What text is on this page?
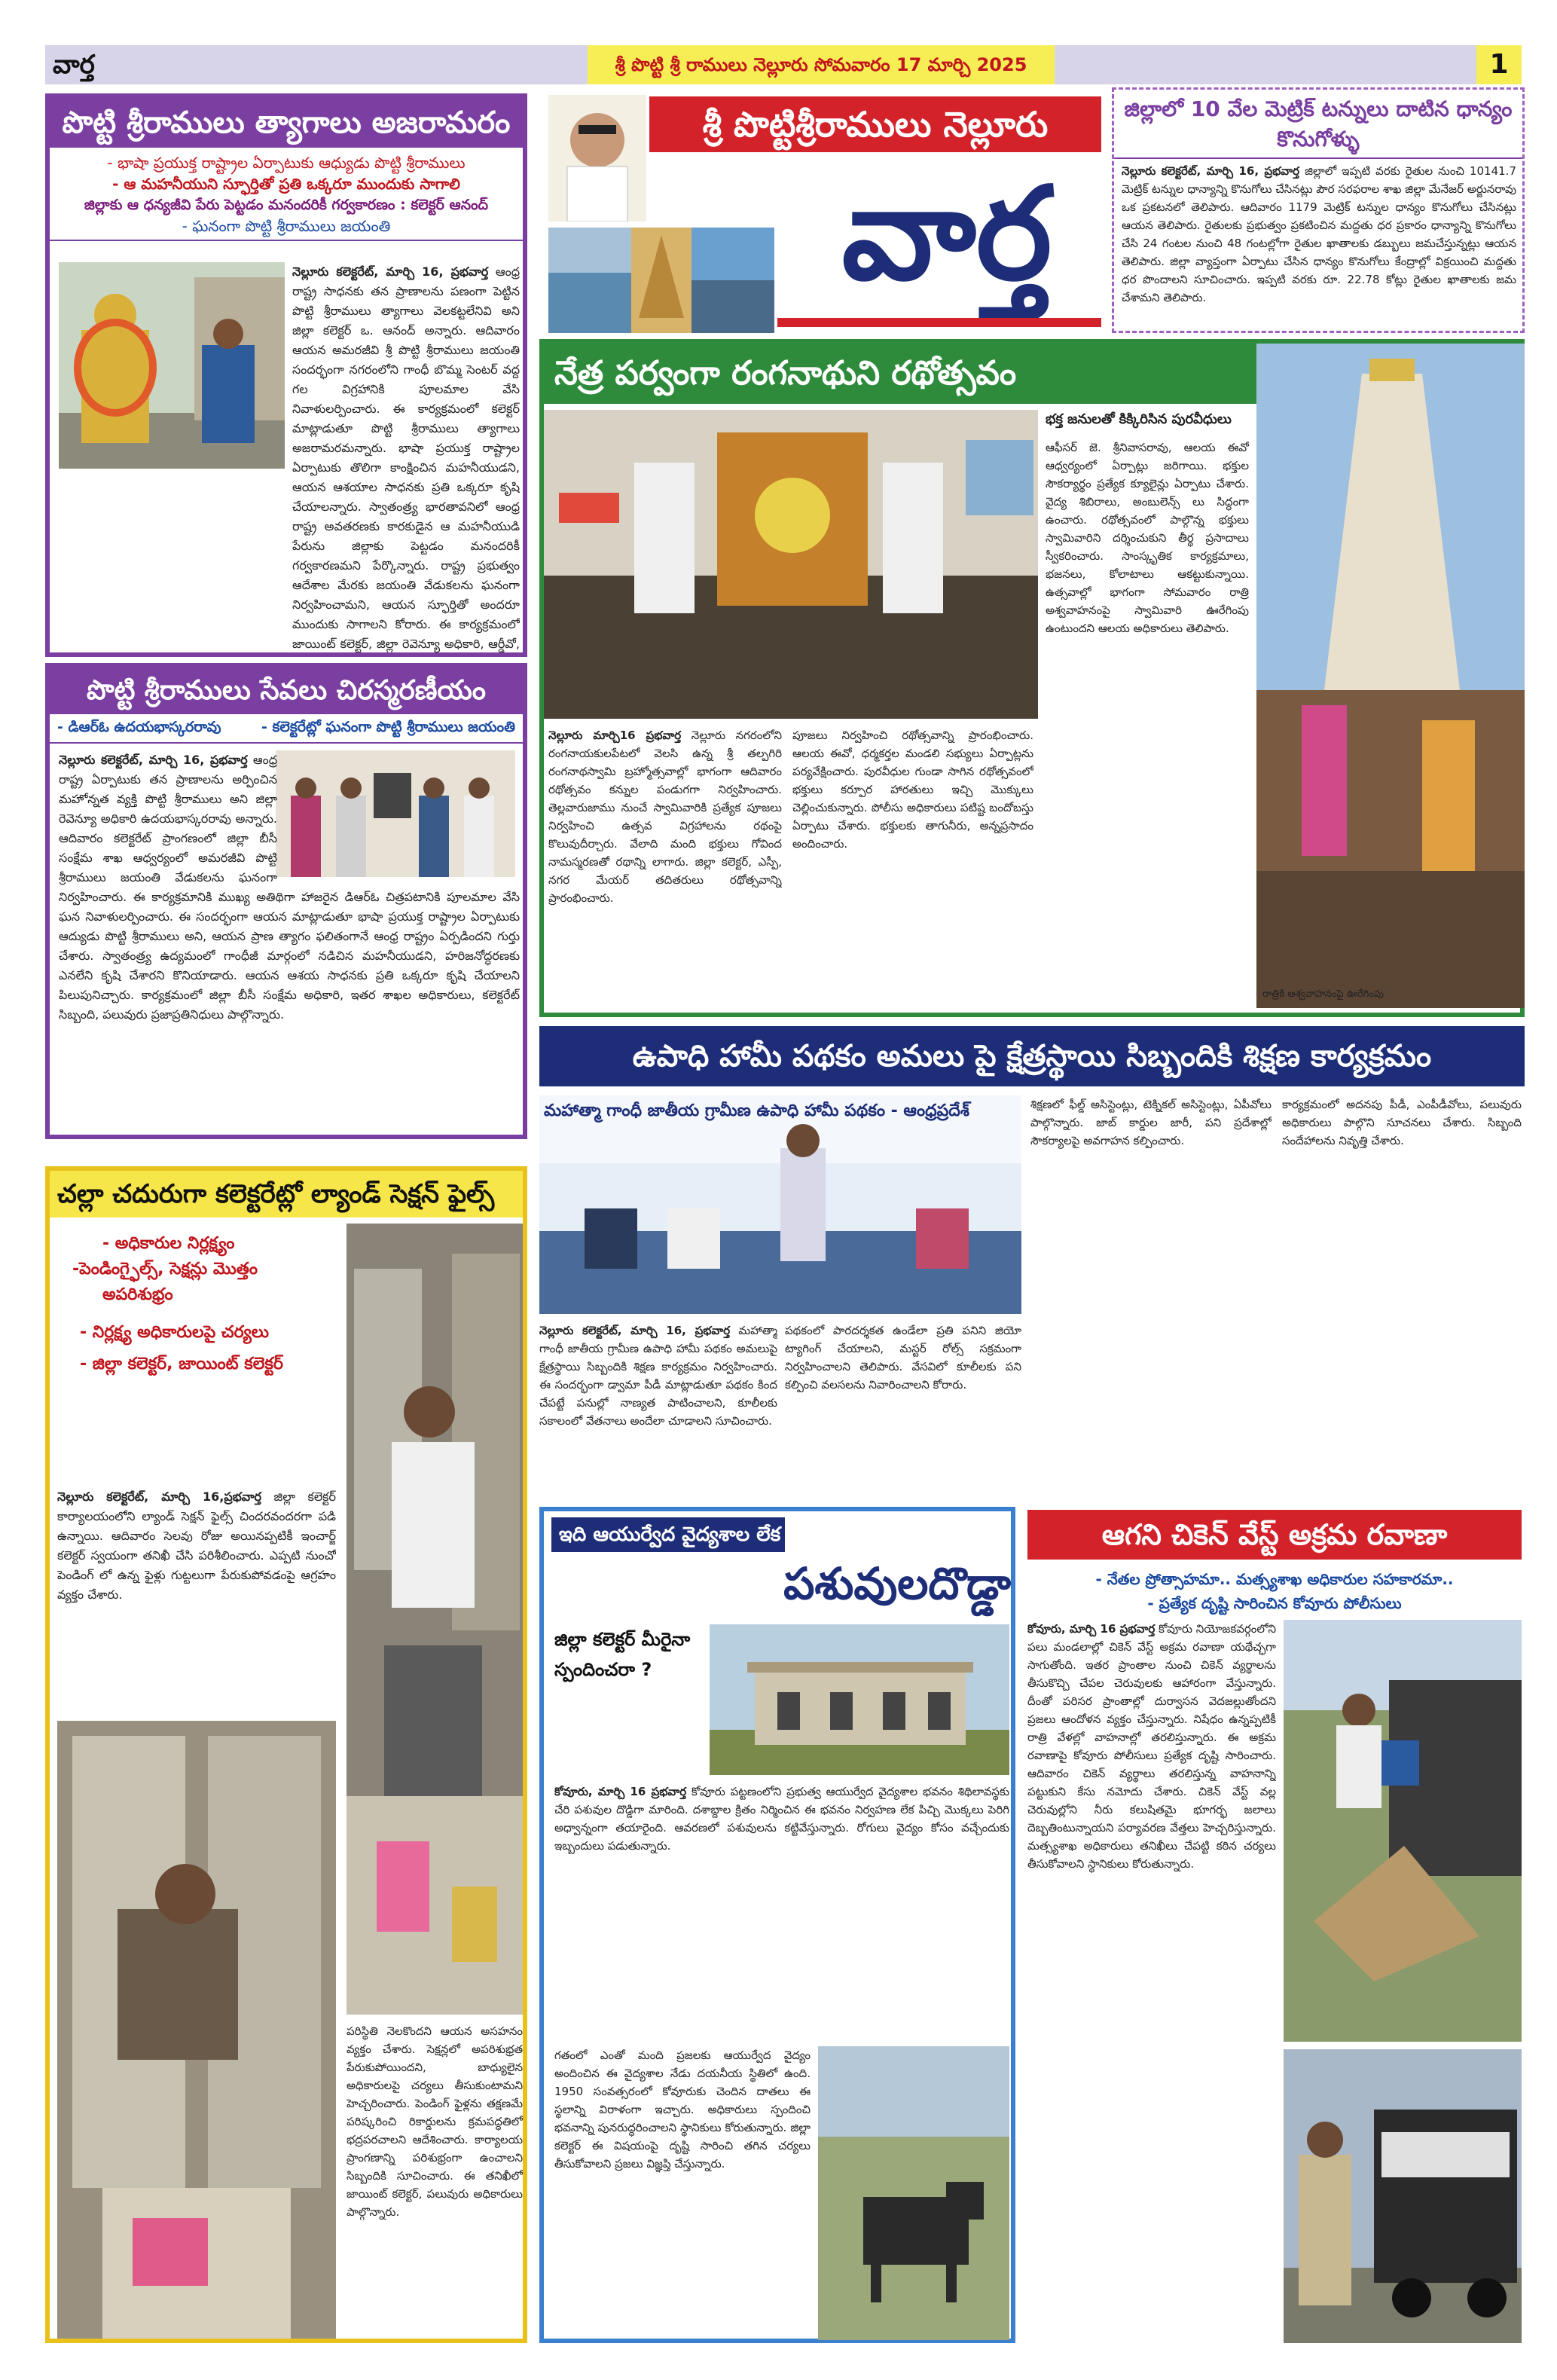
వార్త	శ్రీ పొట్టి శ్రీ రాములు నెల్లూరు సోమవారం 17 మార్చి 2025	1
పొట్టి శ్రీరాములు త్యాగాలు అజరామరం
- భాషా ప్రయుక్త రాష్ట్రాల ఏర్పాటుకు ఆధ్యుడు పొట్టి శ్రీరాములు
- ఆ మహనీయుని స్ఫూర్తితో ప్రతి ఒక్కరూ ముందుకు సాగాలి
జిల్లాకు ఆ ధన్యజీవి పేరు పెట్టడం మనందరికీ గర్వకారణం : కలెక్టర్ ఆనంద్
- ఘనంగా పొట్టి శ్రీరాములు జయంతి
నెల్లూరు కలెక్టరేట్, మార్చి 16, ప్రభవార్త ఆంధ్ర రాష్ట్ర సాధనకు తన ప్రాణాలను పణంగా పెట్టిన పొట్టి శ్రీరాములు త్యాగాలు వెలకట్టలేనివి అని జిల్లా కలెక్టర్ ఒ. ఆనంద్ అన్నారు. ఆదివారం ఆయన అమరజీవి శ్రీ పొట్టి శ్రీరాములు జయంతి సందర్భంగా నగరంలోని గాంధీ బొమ్మ సెంటర్ వద్ద గల విగ్రహానికి పూలమాల వేసి నివాళులర్పించారు. ఈ కార్యక్రమంలో కలెక్టర్ మాట్లాడుతూ పొట్టి శ్రీరాములు త్యాగాలు అజరామరమన్నారు. భాషా ప్రయుక్త రాష్ట్రాల ఏర్పాటుకు తొలిగా కాంక్షించిన మహనీయుడని, ఆయన ఆశయాల సాధనకు ప్రతి ఒక్కరూ కృషి చేయాలన్నారు. స్వాతంత్ర్య భారతావనిలో ఆంధ్ర రాష్ట్ర అవతరణకు కారకుడైన ఆ మహనీయుడి పేరును జిల్లాకు పెట్టడం మనందరికీ గర్వకారణమని పేర్కొన్నారు. రాష్ట్ర ప్రభుత్వం ఆదేశాల మేరకు జయంతి వేడుకలను ఘనంగా నిర్వహించామని, ఆయన స్ఫూర్తితో అందరూ ముందుకు సాగాలని కోరారు. ఈ కార్యక్రమంలో జాయింట్ కలెక్టర్, జిల్లా రెవెన్యూ అధికారి, ఆర్డీవో,
పొట్టి శ్రీరాములు సేవలు చిరస్మరణీయం
- డిఆర్ఓ ఉదయభాస్కరరావు	- కలెక్టరేట్లో ఘనంగా పొట్టి శ్రీరాములు జయంతి
నెల్లూరు కలెక్టరేట్, మార్చి 16, ప్రభవార్త ఆంధ్ర రాష్ట్ర ఏర్పాటుకు తన ప్రాణాలను అర్పించిన మహోన్నత వ్యక్తి పొట్టి శ్రీరాములు అని జిల్లా రెవెన్యూ అధికారి ఉదయభాస్కరరావు అన్నారు. ఆదివారం కలెక్టరేట్ ప్రాంగణంలో జిల్లా బీసీ సంక్షేమ శాఖ ఆధ్వర్యంలో అమరజీవి పొట్టి శ్రీరాములు జయంతి వేడుకలను ఘనంగా నిర్వహించారు. ఈ కార్యక్రమానికి ముఖ్య అతిథిగా హాజరైన డిఆర్ఓ చిత్రపటానికి పూలమాల వేసి ఘన నివాళులర్పించారు. ఈ సందర్భంగా ఆయన మాట్లాడుతూ భాషా ప్రయుక్త రాష్ట్రాల ఏర్పాటుకు ఆద్యుడు పొట్టి శ్రీరాములు అని, ఆయన ప్రాణ త్యాగం ఫలితంగానే ఆంధ్ర రాష్ట్రం ఏర్పడిందని గుర్తు చేశారు. స్వాతంత్ర్య ఉద్యమంలో గాంధీజీ మార్గంలో నడిచిన మహనీయుడని, హరిజనోద్ధరణకు ఎనలేని కృషి చేశారని కొనియాడారు. ఆయన ఆశయ సాధనకు ప్రతి ఒక్కరూ కృషి చేయాలని పిలుపునిచ్చారు. కార్యక్రమంలో జిల్లా బీసీ సంక్షేమ అధికారి, ఇతర శాఖల అధికారులు, కలెక్టరేట్ సిబ్బంది, పలువురు ప్రజాప్రతినిధులు పాల్గొన్నారు.
చల్లా చదురుగా కలెక్టరేట్లో ల్యాండ్ సెక్షన్ ఫైల్స్
- అధికారుల నిర్లక్ష్యం
-పెండింగ్ఫైల్స్, సెక్షన్లు మొత్తం
అపరిశుభ్రం
- నిర్లక్ష్య అధికారులపై చర్యలు
- జిల్లా కలెక్టర్, జాయింట్ కలెక్టర్
నెల్లూరు కలెక్టరేట్, మార్చి 16,ప్రభవార్త జిల్లా కలెక్టర్ కార్యాలయంలోని ల్యాండ్ సెక్షన్ ఫైల్స్ చిందరవందరగా పడి ఉన్నాయి. ఆదివారం సెలవు రోజు అయినప్పటికీ ఇంచార్జ్ కలెక్టర్ స్వయంగా తనిఖీ చేసి పరిశీలించారు. ఎప్పటి నుంచో పెండింగ్ లో ఉన్న ఫైళ్లు గుట్టలుగా పేరుకుపోవడంపై ఆగ్రహం వ్యక్తం చేశారు.
పరిస్థితి నెలకొందని ఆయన అసహనం వ్యక్తం చేశారు. సెక్షన్లలో అపరిశుభ్రత పేరుకుపోయిందని, బాధ్యులైన అధికారులపై చర్యలు తీసుకుంటామని హెచ్చరించారు. పెండింగ్ ఫైళ్లను తక్షణమే పరిష్కరించి రికార్డులను క్రమపద్ధతిలో భద్రపరచాలని ఆదేశించారు. కార్యాలయ ప్రాంగణాన్ని పరిశుభ్రంగా ఉంచాలని సిబ్బందికి సూచించారు. ఈ తనిఖీలో జాయింట్ కలెక్టర్, పలువురు అధికారులు పాల్గొన్నారు.
శ్రీ పొట్టిశ్రీరాములు నెల్లూరు
వార్త
జిల్లాలో 10 వేల మెట్రిక్ టన్నులు దాటిన ధాన్యం కొనుగోళ్ళు
నెల్లూరు కలెక్టరేట్, మార్చి 16, ప్రభవార్త జిల్లాలో ఇప్పటి వరకు రైతుల నుంచి 10141.7 మెట్రిక్ టన్నుల ధాన్యాన్ని కొనుగోలు చేసినట్లు పౌర సరఫరాల శాఖ జిల్లా మేనేజర్ అర్జునరావు ఒక ప్రకటనలో తెలిపారు. ఆదివారం 1179 మెట్రిక్ టన్నుల ధాన్యం కొనుగోలు చేసినట్లు ఆయన తెలిపారు. రైతులకు ప్రభుత్వం ప్రకటించిన మద్దతు ధర ప్రకారం ధాన్యాన్ని కొనుగోలు చేసి 24 గంటల నుంచి 48 గంటల్లోగా రైతుల ఖాతాలకు డబ్బులు జమచేస్తున్నట్లు ఆయన తెలిపారు. జిల్లా వ్యాప్తంగా ఏర్పాటు చేసిన ధాన్యం కొనుగోలు కేంద్రాల్లో విక్రయించి మద్దతు ధర పొందాలని సూచించారు. ఇప్పటి వరకు రూ. 22.78 కోట్లు రైతుల ఖాతాలకు జమ చేశామని తెలిపారు.
నేత్ర పర్వంగా రంగనాథుని రథోత్సవం
భక్త జనులతో కిక్కిరిసిన పురవీధులు
నెల్లూరు మార్చి16 ప్రభవార్త నెల్లూరు నగరంలోని రంగనాయకులపేటలో వెలసి ఉన్న శ్రీ తల్పగిరి రంగనాథస్వామి బ్రహ్మోత్సవాల్లో భాగంగా ఆదివారం రథోత్సవం కన్నుల పండుగగా నిర్వహించారు. తెల్లవారుజాము నుంచే స్వామివారికి ప్రత్యేక పూజలు నిర్వహించి ఉత్సవ విగ్రహాలను రథంపై కొలువుదీర్చారు. వేలాది మంది భక్తులు గోవింద నామస్మరణతో రథాన్ని లాగారు. జిల్లా కలెక్టర్, ఎస్పీ, నగర మేయర్ తదితరులు రథోత్సవాన్ని ప్రారంభించారు.
పూజలు నిర్వహించి రథోత్సవాన్ని ప్రారంభించారు. ఆలయ ఈవో, ధర్మకర్తల మండలి సభ్యులు ఏర్పాట్లను పర్యవేక్షించారు. పురవీధుల గుండా సాగిన రథోత్సవంలో భక్తులు కర్పూర హారతులు ఇచ్చి మొక్కులు చెల్లించుకున్నారు. పోలీసు అధికారులు పటిష్ట బందోబస్తు ఏర్పాటు చేశారు. భక్తులకు తాగునీరు, అన్నప్రసాదం అందించారు.
ఆఫీసర్ జె. శ్రీనివాసరావు, ఆలయ ఈవో ఆధ్వర్యంలో ఏర్పాట్లు జరిగాయి. భక్తుల సౌకర్యార్థం ప్రత్యేక క్యూలైన్లు ఏర్పాటు చేశారు. వైద్య శిబిరాలు, అంబులెన్స్ లు సిద్ధంగా ఉంచారు. రథోత్సవంలో పాల్గొన్న భక్తులు స్వామివారిని దర్శించుకుని తీర్థ ప్రసాదాలు స్వీకరించారు. సాంస్కృతిక కార్యక్రమాలు, భజనలు, కోలాటాలు ఆకట్టుకున్నాయి. ఉత్సవాల్లో భాగంగా సోమవారం రాత్రి అశ్వవాహనంపై స్వామివారి ఊరేగింపు ఉంటుందని ఆలయ అధికారులు తెలిపారు.
రాత్రికి అశ్వవాహనంపై ఊరేగింపు
ఉపాధి హామీ పథకం అమలు పై క్షేత్రస్థాయి సిబ్బందికి శిక్షణ కార్యక్రమం
మహాత్మా గాంధీ జాతీయ గ్రామీణ ఉపాధి హామీ పథకం - ఆంధ్రప్రదేశ్
నెల్లూరు కలెక్టరేట్, మార్చి 16, ప్రభవార్త మహాత్మా గాంధీ జాతీయ గ్రామీణ ఉపాధి హామీ పథకం అమలుపై క్షేత్రస్థాయి సిబ్బందికి శిక్షణ కార్యక్రమం నిర్వహించారు. ఈ సందర్భంగా డ్వామా పీడీ మాట్లాడుతూ పథకం కింద చేపట్టే పనుల్లో నాణ్యత పాటించాలని, కూలీలకు సకాలంలో వేతనాలు అందేలా చూడాలని సూచించారు.
పథకంలో పారదర్శకత ఉండేలా ప్రతి పనిని జియో ట్యాగింగ్ చేయాలని, మస్టర్ రోల్స్ సక్రమంగా నిర్వహించాలని తెలిపారు. వేసవిలో కూలీలకు పని కల్పించి వలసలను నివారించాలని కోరారు.
శిక్షణలో ఫీల్డ్ అసిస్టెంట్లు, టెక్నికల్ అసిస్టెంట్లు, ఏపీవోలు పాల్గొన్నారు. జాబ్ కార్డుల జారీ, పని ప్రదేశాల్లో సౌకర్యాలపై అవగాహన కల్పించారు.
కార్యక్రమంలో అదనపు పీడీ, ఎంపీడీవోలు, పలువురు అధికారులు పాల్గొని సూచనలు చేశారు. సిబ్బంది సందేహాలను నివృత్తి చేశారు.
ఇది ఆయుర్వేద వైద్యశాల లేక
పశువులదొడ్డా
జిల్లా కలెక్టర్ మీరైనా స్పందించరా ?
కోవూరు, మార్చి 16 ప్రభవార్త కోవూరు పట్టణంలోని ప్రభుత్వ ఆయుర్వేద వైద్యశాల భవనం శిథిలావస్థకు చేరి పశువుల దొడ్డిగా మారింది. దశాబ్దాల క్రితం నిర్మించిన ఈ భవనం నిర్వహణ లేక పిచ్చి మొక్కలు పెరిగి అధ్వాన్నంగా తయారైంది. ఆవరణలో పశువులను కట్టివేస్తున్నారు. రోగులు వైద్యం కోసం వచ్చేందుకు ఇబ్బందులు పడుతున్నారు.
గతంలో ఎంతో మంది ప్రజలకు ఆయుర్వేద వైద్యం అందించిన ఈ వైద్యశాల నేడు దయనీయ స్థితిలో ఉంది. 1950 సంవత్సరంలో కోవూరుకు చెందిన దాతలు ఈ స్థలాన్ని విరాళంగా ఇచ్చారు. అధికారులు స్పందించి భవనాన్ని పునరుద్ధరించాలని స్థానికులు కోరుతున్నారు. జిల్లా కలెక్టర్ ఈ విషయంపై దృష్టి సారించి తగిన చర్యలు తీసుకోవాలని ప్రజలు విజ్ఞప్తి చేస్తున్నారు.
ఆగని చికెన్ వేస్ట్ అక్రమ రవాణా
- నేతల ప్రోత్సాహమా.. మత్స్యశాఖ అధికారుల సహకారమా..
- ప్రత్యేక దృష్టి సారించిన కోవూరు పోలీసులు
కోవూరు, మార్చి 16 ప్రభవార్త కోవూరు నియోజకవర్గంలోని పలు మండలాల్లో చికెన్ వేస్ట్ అక్రమ రవాణా యథేచ్ఛగా సాగుతోంది. ఇతర ప్రాంతాల నుంచి చికెన్ వ్యర్థాలను తీసుకొచ్చి చేపల చెరువులకు ఆహారంగా వేస్తున్నారు. దీంతో పరిసర ప్రాంతాల్లో దుర్వాసన వెదజల్లుతోందని ప్రజలు ఆందోళన వ్యక్తం చేస్తున్నారు. నిషేధం ఉన్నప్పటికీ రాత్రి వేళల్లో వాహనాల్లో తరలిస్తున్నారు. ఈ అక్రమ రవాణాపై కోవూరు పోలీసులు ప్రత్యేక దృష్టి సారించారు. ఆదివారం చికెన్ వ్యర్థాలు తరలిస్తున్న వాహనాన్ని పట్టుకుని కేసు నమోదు చేశారు. చికెన్ వేస్ట్ వల్ల చెరువుల్లోని నీరు కలుషితమై భూగర్భ జలాలు దెబ్బతింటున్నాయని పర్యావరణ వేత్తలు హెచ్చరిస్తున్నారు. మత్స్యశాఖ అధికారులు తనిఖీలు చేపట్టి కఠిన చర్యలు తీసుకోవాలని స్థానికులు కోరుతున్నారు.
